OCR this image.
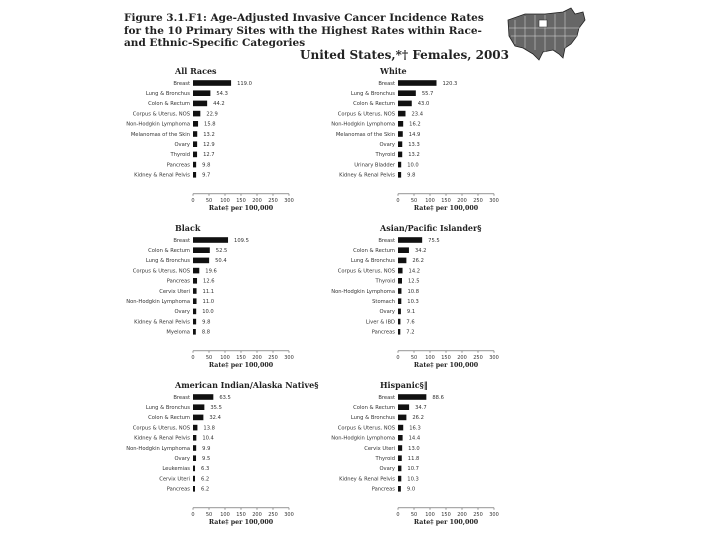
Figure 3.1.F1: Age-Adjusted Invasive Cancer Incidence Rates for the 10 Primary Sites with the Highest Rates within Race- and Ethnic-Specific Categories
United States,*† Females, 2003
All Races
Breast	119.0
Lung & Bronchus	54.3
Colon & Rectum	44.2
Corpus & Uterus, NOS	22.9
Non-Hodgkin Lymphoma	15.8
Melanomas of the Skin	13.2
Ovary	12.9
Thyroid	12.7
Pancreas 9.8
Kidney & Renal Pelvis 9.7
0 50 100 150 200 250 300
Rate‡ per 100,000
White
Breast	120.3
Lung & Bronchus	55.7
Colon & Rectum	43.0
Corpus & Uterus, NOS	23.4
Non-Hodgkin Lymphoma	16.2
Melanomas of the Skin	14.9
Ovary	13.3
Thyroid	13.2
Urinary Bladder 10.0
Kidney & Renal Pelvis 9.8
0 50 100 150 200 250 300
Rate‡ per 100,000
Black
Breast	109.5
Colon & Rectum	52.5
Lung & Bronchus	50.4
Corpus & Uterus, NOS	19.6
Pancreas	12.6
Cervix Uteri 11.1
Non-Hodgkin Lymphoma 11.0
Ovary 10.0
Kidney & Renal Pelvis 9.8
Myeloma 8.8
0 50 100 150 200 250 300
Rate‡ per 100,000
Asian/Pacific Islander§
Breast	75.5
Colon & Rectum	34.2
Lung & Bronchus	26.2
Corpus & Uterus, NOS	14.2
Thyroid	12.5
Non-Hodgkin Lymphoma 10.8
Stomach 10.3
Ovary 9.1
Liver & IBD 7.6
Pancreas 7.2
0 50 100 150 200 250 300
Rate‡ per 100,000
American Indian/Alaska Native§
Breast	63.5
Lung & Bronchus	35.5
Colon & Rectum	32.4
Corpus & Uterus, NOS	13.8
Kidney & Renal Pelvis 10.4
Non-Hodgkin Lymphoma 9.9
Ovary 9.5
Leukemias 6.3
Cervix Uteri 6.2
Pancreas 6.2
0 50 100 150 200 250 300
Rate‡ per 100,000
Hispanic§‖
Breast	88.6
Colon & Rectum	34.7
Lung & Bronchus	26.2
Corpus & Uterus, NOS	16.3
Non-Hodgkin Lymphoma	14.4
Cervix Uteri	13.0
Thyroid 11.8
Ovary 10.7
Kidney & Renal Pelvis 10.3
Pancreas 9.0
0 50 100 150 200 250 300
Rate‡ per 100,000
